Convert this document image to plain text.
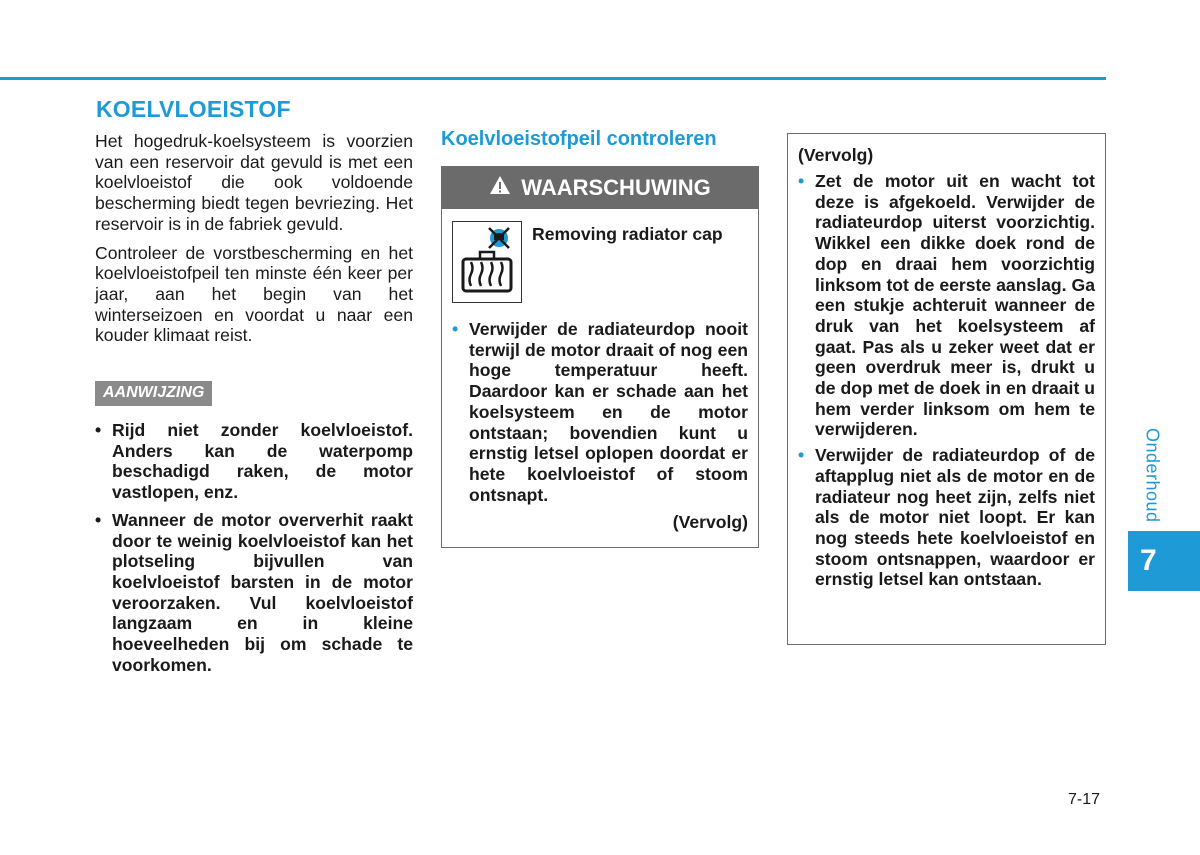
KOELVLOEISTOF

Het hogedruk-koelsysteem is voorzien van een reservoir dat gevuld is met een koelvloeistof die ook voldoende bescherming biedt tegen bevriezing. Het reservoir is in de fabriek gevuld.

Controleer de vorstbescherming en het koelvloeistofpeil ten minste één keer per jaar, aan het begin van het winterseizoen en voordat u naar een kouder klimaat reist.

AANWIJZING
• Rijd niet zonder koelvloeistof. Anders kan de waterpomp beschadigd raken, de motor vastlopen, enz.
• Wanneer de motor oververhit raakt door te weinig koelvloeistof kan het plotseling bijvullen van koelvloeistof barsten in de motor veroorzaken. Vul koelvloeistof langzaam en in kleine hoeveelheden bij om schade te voorkomen.
Koelvloeistofpeil controleren
WAARSCHUWING
Removing radiator cap
• Verwijder de radiateurdop nooit terwijl de motor draait of nog een hoge temperatuur heeft. Daardoor kan er schade aan het koelsysteem en de motor ontstaan; bovendien kunt u ernstig letsel oplopen doordat er hete koelvloeistof of stoom ontsnapt.
(Vervolg)
(Vervolg)
• Zet de motor uit en wacht tot deze is afgekoeld. Verwijder de radiateurdop uiterst voorzichtig. Wikkel een dikke doek rond de dop en draai hem voorzichtig linksom tot de eerste aanslag. Ga een stukje achteruit wanneer de druk van het koelsysteem af gaat. Pas als u zeker weet dat er geen overdruk meer is, drukt u de dop met de doek in en draait u hem verder linksom om hem te verwijderen.
• Verwijder de radiateurdop of de aftapplug niet als de motor en de radiateur nog heet zijn, zelfs niet als de motor niet loopt. Er kan nog steeds hete koelvloeistof en stoom ontsnappen, waardoor er ernstig letsel kan ontstaan.
Onderhoud
7
7-17
